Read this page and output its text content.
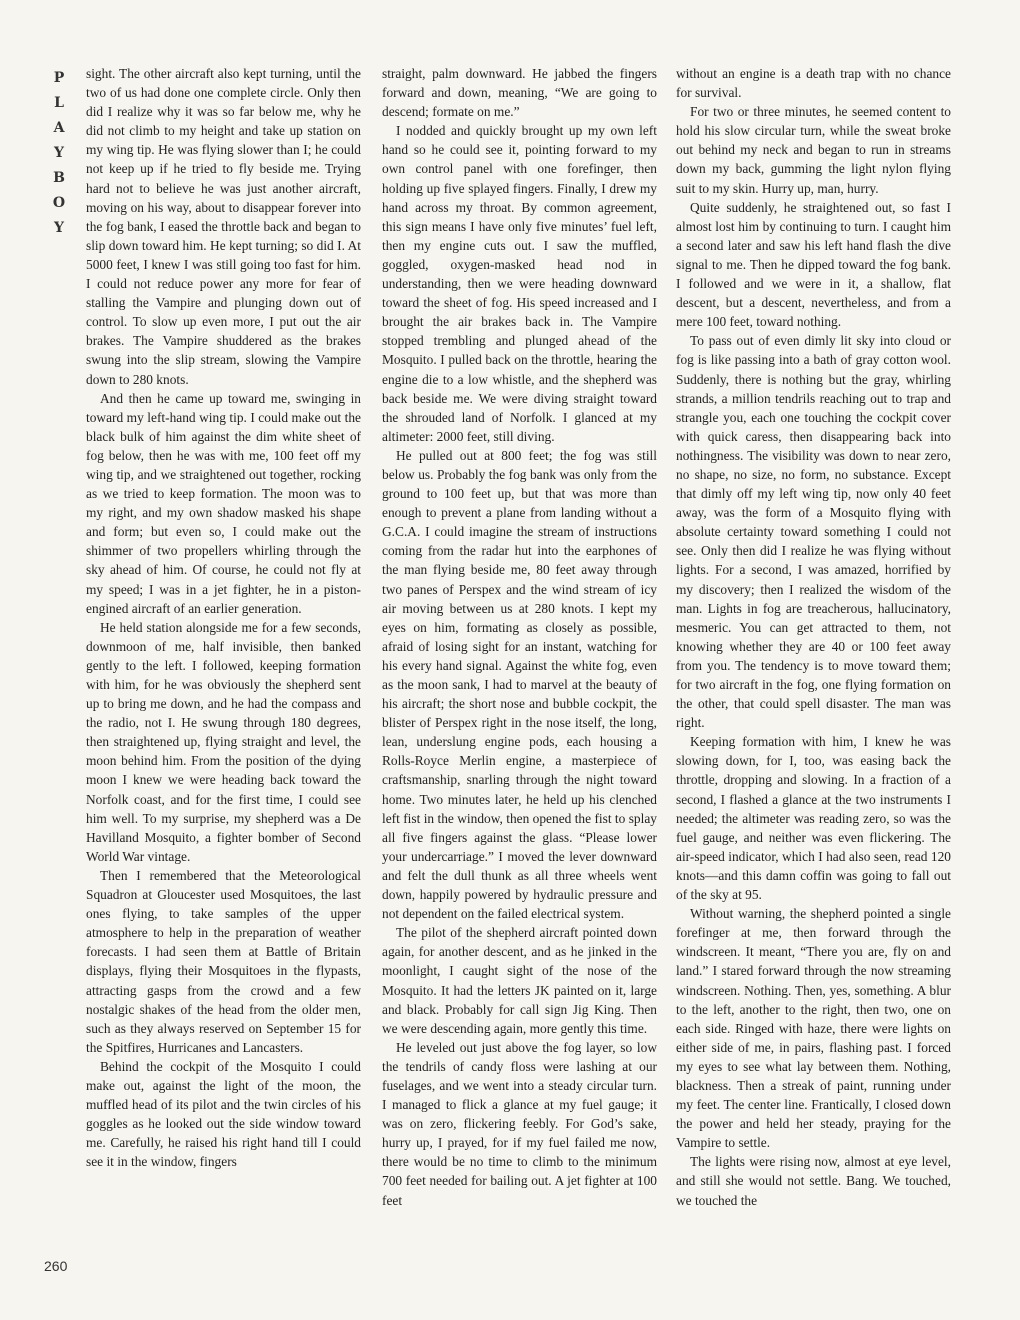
P
L
A
Y
B
O
Y
260

sight. The other aircraft also kept turning, until the two of us had done one complete circle. Only then did I realize why it was so far below me, why he did not climb to my height and take up station on my wing tip. He was flying slower than I; he could not keep up if he tried to fly beside me. Trying hard not to believe he was just another aircraft, moving on his way, about to disappear forever into the fog bank, I eased the throttle back and began to slip down toward him. He kept turning; so did I. At 5000 feet, I knew I was still going too fast for him. I could not reduce power any more for fear of stalling the Vampire and plunging down out of control. To slow up even more, I put out the air brakes. The Vampire shuddered as the brakes swung into the slip stream, slowing the Vampire down to 280 knots.

And then he came up toward me, swinging in toward my left-hand wing tip. I could make out the black bulk of him against the dim white sheet of fog below, then he was with me, 100 feet off my wing tip, and we straightened out together, rocking as we tried to keep formation. The moon was to my right, and my own shadow masked his shape and form; but even so, I could make out the shimmer of two propellers whirling through the sky ahead of him. Of course, he could not fly at my speed; I was in a jet fighter, he in a piston-engined aircraft of an earlier generation.

He held station alongside me for a few seconds, downmoon of me, half invisible, then banked gently to the left. I followed, keeping formation with him, for he was obviously the shepherd sent up to bring me down, and he had the compass and the radio, not I. He swung through 180 degrees, then straightened up, flying straight and level, the moon behind him. From the position of the dying moon I knew we were heading back toward the Norfolk coast, and for the first time, I could see him well. To my surprise, my shepherd was a De Havilland Mosquito, a fighter bomber of Second World War vintage.

Then I remembered that the Meteorological Squadron at Gloucester used Mosquitoes, the last ones flying, to take samples of the upper atmosphere to help in the preparation of weather forecasts. I had seen them at Battle of Britain displays, flying their Mosquitoes in the flypasts, attracting gasps from the crowd and a few nostalgic shakes of the head from the older men, such as they always reserved on September 15 for the Spitfires, Hurricanes and Lancasters.

Behind the cockpit of the Mosquito I could make out, against the light of the moon, the muffled head of its pilot and the twin circles of his goggles as he looked out the side window toward me. Carefully, he raised his right hand till I could see it in the window, fingers

straight, palm downward. He jabbed the fingers forward and down, meaning, “We are going to descend; formate on me.”

I nodded and quickly brought up my own left hand so he could see it, pointing forward to my own control panel with one forefinger, then holding up five splayed fingers. Finally, I drew my hand across my throat. By common agreement, this sign means I have only five minutes’ fuel left, then my engine cuts out. I saw the muffled, goggled, oxygen-masked head nod in understanding, then we were heading downward toward the sheet of fog. His speed increased and I brought the air brakes back in. The Vampire stopped trembling and plunged ahead of the Mosquito. I pulled back on the throttle, hearing the engine die to a low whistle, and the shepherd was back beside me. We were diving straight toward the shrouded land of Norfolk. I glanced at my altimeter: 2000 feet, still diving.

He pulled out at 800 feet; the fog was still below us. Probably the fog bank was only from the ground to 100 feet up, but that was more than enough to prevent a plane from landing without a G.C.A. I could imagine the stream of instructions coming from the radar hut into the earphones of the man flying beside me, 80 feet away through two panes of Perspex and the wind stream of icy air moving between us at 280 knots. I kept my eyes on him, formating as closely as possible, afraid of losing sight for an instant, watching for his every hand signal. Against the white fog, even as the moon sank, I had to marvel at the beauty of his aircraft; the short nose and bubble cockpit, the blister of Perspex right in the nose itself, the long, lean, underslung engine pods, each housing a Rolls-Royce Merlin engine, a masterpiece of craftsmanship, snarling through the night toward home. Two minutes later, he held up his clenched left fist in the window, then opened the fist to splay all five fingers against the glass. “Please lower your undercarriage.” I moved the lever downward and felt the dull thunk as all three wheels went down, happily powered by hydraulic pressure and not dependent on the failed electrical system.

The pilot of the shepherd aircraft pointed down again, for another descent, and as he jinked in the moonlight, I caught sight of the nose of the Mosquito. It had the letters JK painted on it, large and black. Probably for call sign Jig King. Then we were descending again, more gently this time.

He leveled out just above the fog layer, so low the tendrils of candy floss were lashing at our fuselages, and we went into a steady circular turn. I managed to flick a glance at my fuel gauge; it was on zero, flickering feebly. For God’s sake, hurry up, I prayed, for if my fuel failed me now, there would be no time to climb to the minimum 700 feet needed for bailing out. A jet fighter at 100 feet

without an engine is a death trap with no chance for survival.

For two or three minutes, he seemed content to hold his slow circular turn, while the sweat broke out behind my neck and began to run in streams down my back, gumming the light nylon flying suit to my skin. Hurry up, man, hurry.

Quite suddenly, he straightened out, so fast I almost lost him by continuing to turn. I caught him a second later and saw his left hand flash the dive signal to me. Then he dipped toward the fog bank. I followed and we were in it, a shallow, flat descent, but a descent, nevertheless, and from a mere 100 feet, toward nothing.

To pass out of even dimly lit sky into cloud or fog is like passing into a bath of gray cotton wool. Suddenly, there is nothing but the gray, whirling strands, a million tendrils reaching out to trap and strangle you, each one touching the cockpit cover with quick caress, then disappearing back into nothingness. The visibility was down to near zero, no shape, no size, no form, no substance. Except that dimly off my left wing tip, now only 40 feet away, was the form of a Mosquito flying with absolute certainty toward something I could not see. Only then did I realize he was flying without lights. For a second, I was amazed, horrified by my discovery; then I realized the wisdom of the man. Lights in fog are treacherous, hallucinatory, mesmeric. You can get attracted to them, not knowing whether they are 40 or 100 feet away from you. The tendency is to move toward them; for two aircraft in the fog, one flying formation on the other, that could spell disaster. The man was right.

Keeping formation with him, I knew he was slowing down, for I, too, was easing back the throttle, dropping and slowing. In a fraction of a second, I flashed a glance at the two instruments I needed; the altimeter was reading zero, so was the fuel gauge, and neither was even flickering. The air-speed indicator, which I had also seen, read 120 knots—and this damn coffin was going to fall out of the sky at 95.

Without warning, the shepherd pointed a single forefinger at me, then forward through the windscreen. It meant, “There you are, fly on and land.” I stared forward through the now streaming windscreen. Nothing. Then, yes, something. A blur to the left, another to the right, then two, one on each side. Ringed with haze, there were lights on either side of me, in pairs, flashing past. I forced my eyes to see what lay between them. Nothing, blackness. Then a streak of paint, running under my feet. The center line. Frantically, I closed down the power and held her steady, praying for the Vampire to settle.

The lights were rising now, almost at eye level, and still she would not settle. Bang. We touched, we touched the
